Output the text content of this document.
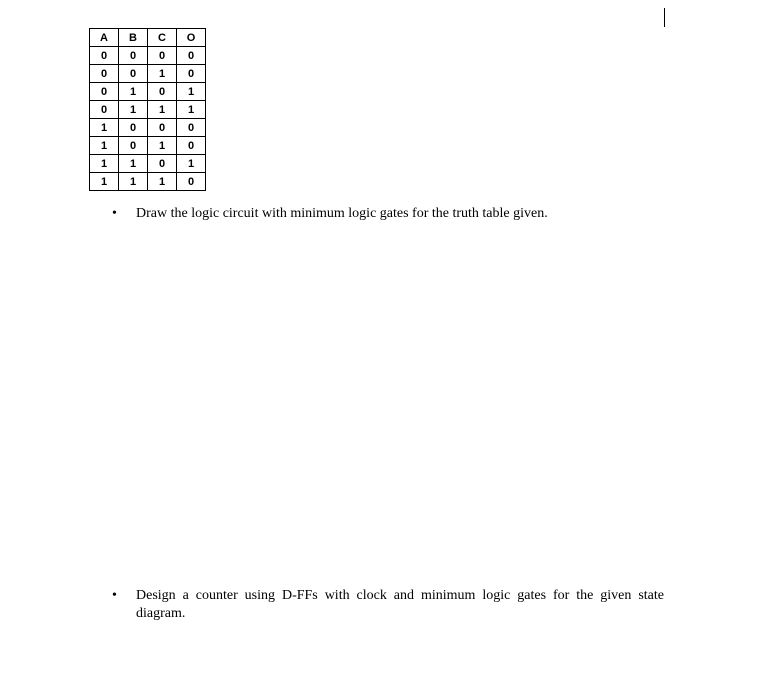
A	B	C	O
0	0	0	0
0	0	1	0
0	1	0	1
0	1	1	1
1	0	0	0
1	0	1	0
1	1	0	1
1	1	1	0
• Draw the logic circuit with minimum logic gates for the truth table given.
• Design a counter using D-FFs with clock and minimum logic gates for the given state diagram.
